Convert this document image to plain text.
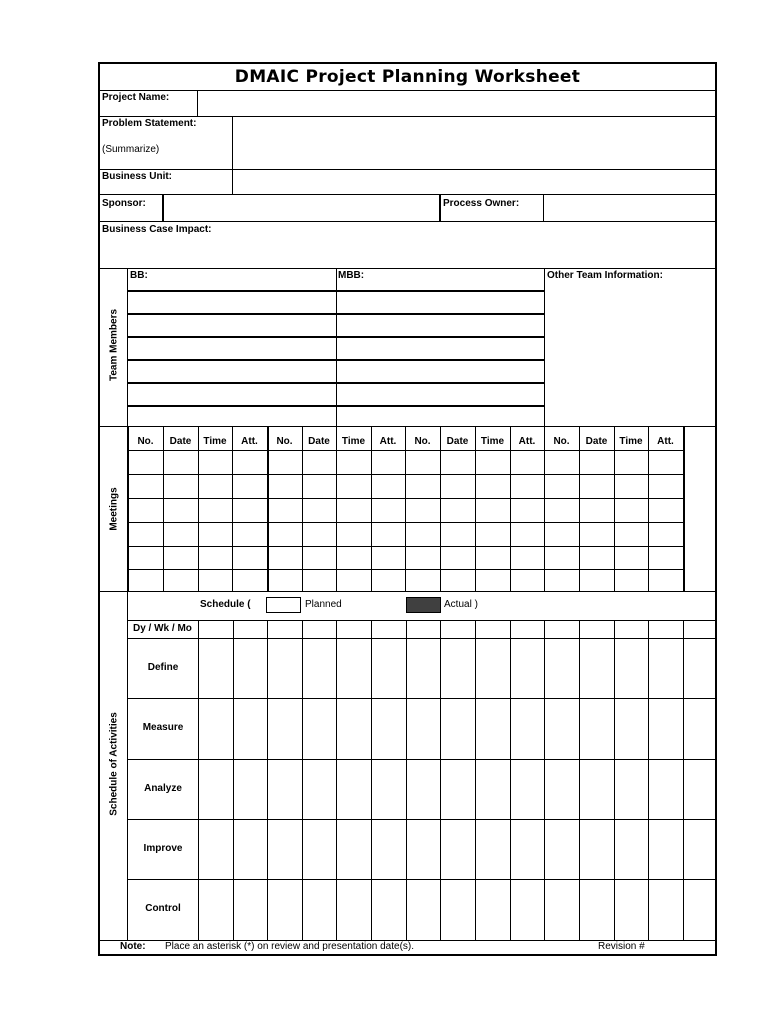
DMAIC Project Planning Worksheet
Project Name:
Problem Statement:
(Summarize)
Business Unit:
Sponsor:	Process Owner:
Business Case Impact:
Team Members
BB:	MBB:	Other Team Information:
Meetings
No.	Date	Time	Att.	No.	Date	Time	Att.	No.	Date	Time	Att.	No.	Date	Time	Att.
Schedule of Activities
Schedule (	Planned	Actual )
Dy / Wk / Mo
Define
Measure
Analyze
Improve
Control
Note: Place an asterisk (*) on review and presentation date(s).	Revision #
